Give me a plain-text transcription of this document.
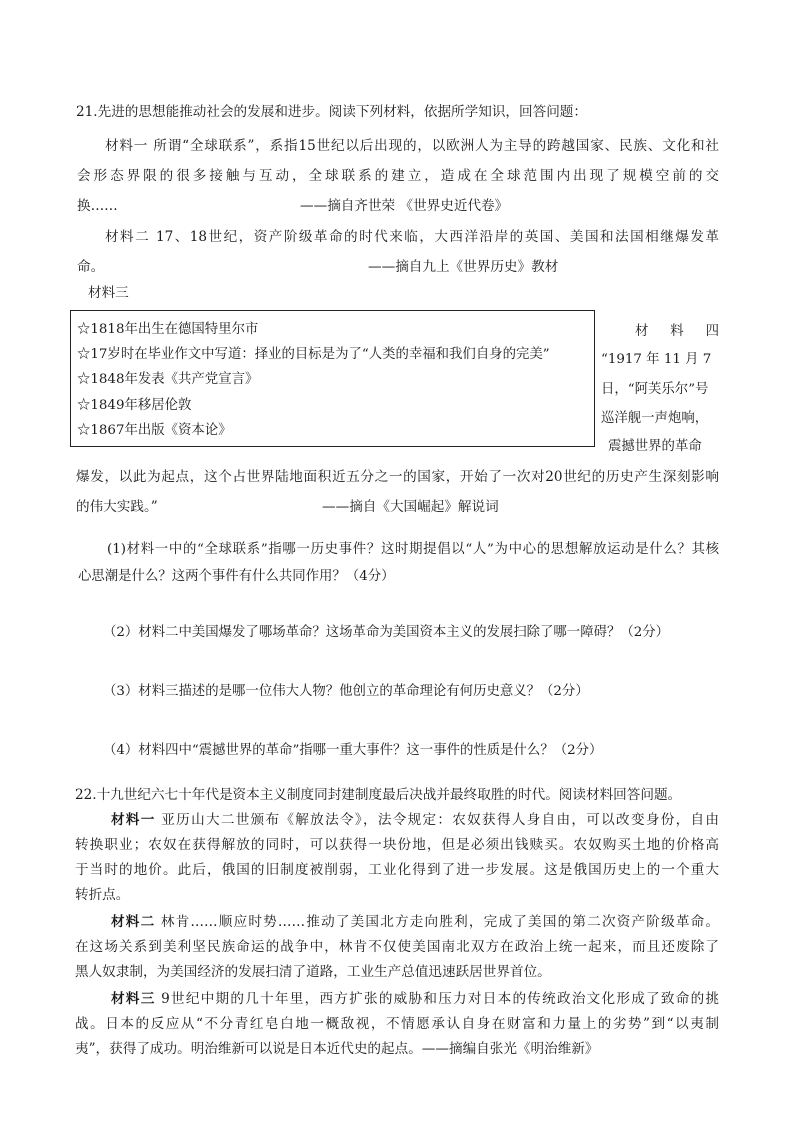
21.先进的思想能推动社会的发展和进步。阅读下列材料，依据所学知识，回答问题：
材料一 所谓“全球联系”，系指15世纪以后出现的，以欧洲人为主导的跨越国家、民族、文化和社
会形态界限的很多接触与互动，全球联系的建立，造成在全球范围内出现了规模空前的交
换……	——摘自齐世荣 《世界史近代卷》
材料二 17、18世纪，资产阶级革命的时代来临，大西洋沿岸的英国、美国和法国相继爆发革
命。	——摘自九上《世界历史》教材
材料三
☆1818年出生在德国特里尔市
☆17岁时在毕业作文中写道：择业的目标是为了“人类的幸福和我们自身的完美”
☆1848年发表《共产党宣言》
☆1849年移居伦敦
☆1867年出版《资本论》
材 料 四
“1917 年 11 月 7
日，“阿芙乐尔”号
巡洋舰一声炮响，
震撼世界的革命
爆发，以此为起点，这个占世界陆地面积近五分之一的国家，开始了一次对20世纪的历史产生深刻影响
的伟大实践。”	——摘自《大国崛起》解说词
(1)材料一中的“全球联系”指哪一历史事件？这时期提倡以“人”为中心的思想解放运动是什么？其核
心思潮是什么？这两个事件有什么共同作用？（4分）
（2）材料二中美国爆发了哪场革命？这场革命为美国资本主义的发展扫除了哪一障碍？（2分）
（3）材料三描述的是哪一位伟大人物？他创立的革命理论有何历史意义？（2分）
（4）材料四中“震撼世界的革命”指哪一重大事件？这一事件的性质是什么？（2分）
22.十九世纪六七十年代是资本主义制度同封建制度最后决战并最终取胜的时代。阅读材料回答问题。
材料一 亚历山大二世颁布《解放法令》，法令规定：农奴获得人身自由，可以改变身份，自由
转换职业；农奴在获得解放的同时，可以获得一块份地，但是必须出钱赎买。农奴购买土地的价格高
于当时的地价。此后，俄国的旧制度被削弱，工业化得到了进一步发展。这是俄国历史上的一个重大
转折点。
材料二 林肯……顺应时势……推动了美国北方走向胜利，完成了美国的第二次资产阶级革命。
在这场关系到美利坚民族命运的战争中，林肯不仅使美国南北双方在政治上统一起来，而且还废除了
黑人奴隶制，为美国经济的发展扫清了道路，工业生产总值迅速跃居世界首位。
材料三 9世纪中期的几十年里，西方扩张的威胁和压力对日本的传统政治文化形成了致命的挑
战。日本的反应从“不分青红皂白地一概敌视，不情愿承认自身在财富和力量上的劣势”到“以夷制
夷”，获得了成功。明治维新可以说是日本近代史的起点。——摘编自张光《明治维新》
